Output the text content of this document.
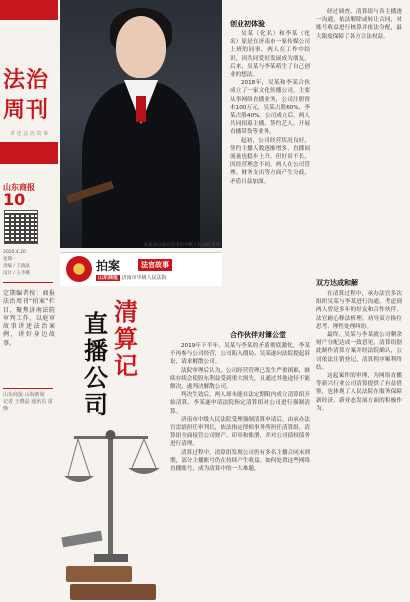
法治
周刊
讲 述 法 治 故 事
山东商报
10
2020.4.20
星期一
责编 / 王晓晶
设计 / 王李娜
定期编者按：商报法治周刊“拍案”栏目，聚焦济南法院审判工作，以庭审故事讲述法治案例，讲好身边故事。
山东商报·山海新闻
记者 王晓晶 通讯员 雷焕
本案承办法官济南市中级人民法院雷婧
拍案	法官故事
山东商报 济南市中级人民法院
清
算
记
直
播
公
司
创业初体验
吴某（化名）和李某（化名）原是在济南市一家传媒公司上班的同事，两人在工作中结识，因共同爱好发展成为朋友。后来，吴某与李某萌生了自己创业的想法。
2018年，吴某和李某合伙成立了一家文化传播公司，主要从事网络直播业务，公司注册资本100万元，吴某占股60%，李某占股40%。公司成立后，两人共同招募主播、签约艺人，开展直播带货等业务。
起初，公司经营状况良好，签约主播人数逐渐增多，直播间流量也稳步上升。但好景不长，因经营理念不同，两人在公司管理、财务支出等方面产生分歧，矛盾日益加深。
合作伙伴对簿公堂
2019年下半年，吴某与李某的矛盾彻底激化，李某不再参与公司经营，公司陷入僵局。吴某遂向法院提起诉讼，请求解散公司。
法院审理后认为，公司经营管理已发生严重困难，继续存续会使股东利益受到重大损失，且通过其他途径不能解决，遂判决解散公司。
判决生效后，两人却未能在法定期限内成立清算组开始清算。李某遂申请法院指定清算组对公司进行强制清算。
济南市中级人民法院受理强制清算申请后，由承办法官雷婧担任审判长，依法指定律师事务所担任清算组。清算组全面接管公司财产、印章和账册，并对公司债权债务进行清理。
清算过程中，清算组发现公司仍有多名主播合同未到期，部分主播账号仍在持续产生收益。如何处置这些网络直播账号，成为清算中的一大难题。
经过调查，清算组与各主播逐一沟通，依法解除或转让合同，对账号收益进行核算并依法分配，最大限度保障了各方合法权益。
双方达成和解
在清算过程中，承办法官多次组织吴某与李某进行沟通。考虑到两人曾是多年的好友和合作伙伴，法官耐心释法析理，劝导双方换位思考、理性处理纠纷。
最终，吴某与李某就公司剩余财产分配达成一致意见，清算组据此制作清算方案并经法院确认，公司依法注销登记，清算程序顺利终结。
这起案件的审理，为网络直播等新兴行业公司清算提供了有益借鉴，也体现了人民法院在服务保障新经济、新业态发展方面的积极作为。
